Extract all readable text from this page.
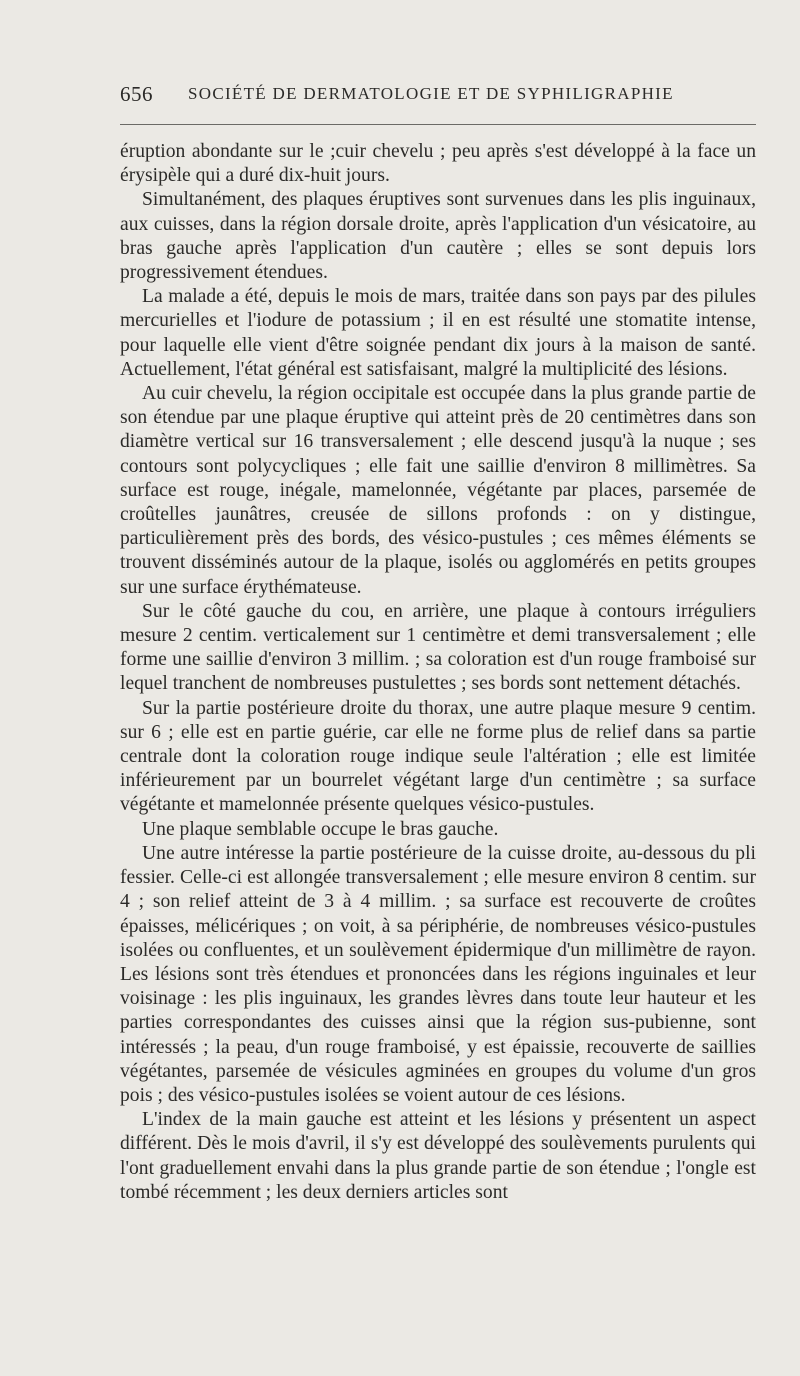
656 SOCIÉTÉ DE DERMATOLOGIE ET DE SYPHILIGRAPHIE

éruption abondante sur le ;cuir chevelu ; peu après s'est développé à la face un érysipèle qui a duré dix-huit jours.

Simultanément, des plaques éruptives sont survenues dans les plis inguinaux, aux cuisses, dans la région dorsale droite, après l'application d'un vésicatoire, au bras gauche après l'application d'un cautère ; elles se sont depuis lors progressivement étendues.

La malade a été, depuis le mois de mars, traitée dans son pays par des pilules mercurielles et l'iodure de potassium ; il en est résulté une stomatite intense, pour laquelle elle vient d'être soignée pendant dix jours à la maison de santé. Actuellement, l'état général est satisfaisant, malgré la multiplicité des lésions.

Au cuir chevelu, la région occipitale est occupée dans la plus grande partie de son étendue par une plaque éruptive qui atteint près de 20 centimètres dans son diamètre vertical sur 16 transversalement ; elle descend jusqu'à la nuque ; ses contours sont polycycliques ; elle fait une saillie d'environ 8 millimètres. Sa surface est rouge, inégale, mamelonnée, végétante par places, parsemée de croûtelles jaunâtres, creusée de sillons profonds : on y distingue, particulièrement près des bords, des vésico-pustules ; ces mêmes éléments se trouvent disséminés autour de la plaque, isolés ou agglomérés en petits groupes sur une surface érythémateuse.

Sur le côté gauche du cou, en arrière, une plaque à contours irréguliers mesure 2 centim. verticalement sur 1 centimètre et demi transversalement ; elle forme une saillie d'environ 3 millim. ; sa coloration est d'un rouge framboisé sur lequel tranchent de nombreuses pustulettes ; ses bords sont nettement détachés.

Sur la partie postérieure droite du thorax, une autre plaque mesure 9 centim. sur 6 ; elle est en partie guérie, car elle ne forme plus de relief dans sa partie centrale dont la coloration rouge indique seule l'altération ; elle est limitée inférieurement par un bourrelet végétant large d'un centimètre ; sa surface végétante et mamelonnée présente quelques vésico-pustules.

Une plaque semblable occupe le bras gauche.

Une autre intéresse la partie postérieure de la cuisse droite, au-dessous du pli fessier. Celle-ci est allongée transversalement ; elle mesure environ 8 centim. sur 4 ; son relief atteint de 3 à 4 millim. ; sa surface est recouverte de croûtes épaisses, mélicériques ; on voit, à sa périphérie, de nombreuses vésico-pustules isolées ou confluentes, et un soulèvement épidermique d'un millimètre de rayon. Les lésions sont très étendues et prononcées dans les régions inguinales et leur voisinage : les plis inguinaux, les grandes lèvres dans toute leur hauteur et les parties correspondantes des cuisses ainsi que la région sus-pubienne, sont intéressés ; la peau, d'un rouge framboisé, y est épaissie, recouverte de saillies végétantes, parsemée de vésicules agminées en groupes du volume d'un gros pois ; des vésico-pustules isolées se voient autour de ces lésions.

L'index de la main gauche est atteint et les lésions y présentent un aspect différent. Dès le mois d'avril, il s'y est développé des soulèvements purulents qui l'ont graduellement envahi dans la plus grande partie de son étendue ; l'ongle est tombé récemment ; les deux derniers articles sont
